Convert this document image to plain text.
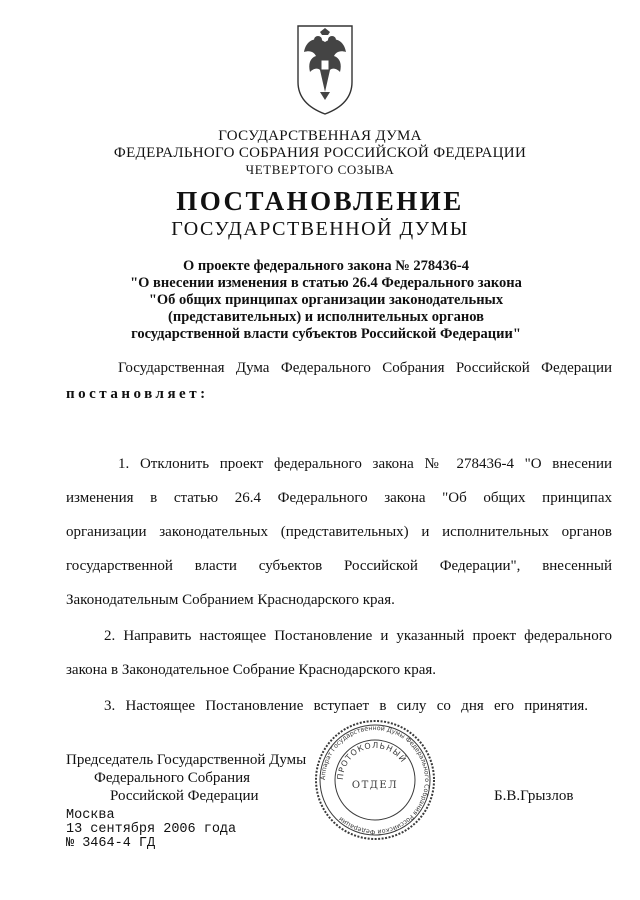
ГОСУДАРСТВЕННАЯ ДУМА
ФЕДЕРАЛЬНОГО СОБРАНИЯ РОССИЙСКОЙ ФЕДЕРАЦИИ
ЧЕТВЕРТОГО СОЗЫВА
ПОСТАНОВЛЕНИЕ
ГОСУДАРСТВЕННОЙ ДУМЫ
О проекте федерального закона № 278436-4
"О внесении изменения в статью 26.4 Федерального закона
"Об общих принципах организации законодательных
(представительных) и исполнительных органов
государственной власти субъектов Российской Федерации"
Государственная Дума Федерального Собрания Российской Федерации
постановляет:
1. Отклонить проект федерального закона № 278436-4 "О внесении
изменения в статью 26.4 Федерального закона "Об общих принципах
организации законодательных (представительных) и исполнительных органов
государственной власти субъектов Российской Федерации", внесенный
Законодательным Собранием Краснодарского края.
2. Направить настоящее Постановление и указанный проект федерального
закона в Законодательное Собрание Краснодарского края.
3. Настоящее Постановление вступает в силу со дня его принятия.
Председатель Государственной Думы
Федерального Собрания
Российской Федерации	Б.В.Грызлов
Аппарат Государственной Думы Федерального Собрания Российской Федерации
ПРОТОКОЛЬНЫЙ
ОТДЕЛ
Москва
13 сентября 2006 года
№ 3464-4 ГД
